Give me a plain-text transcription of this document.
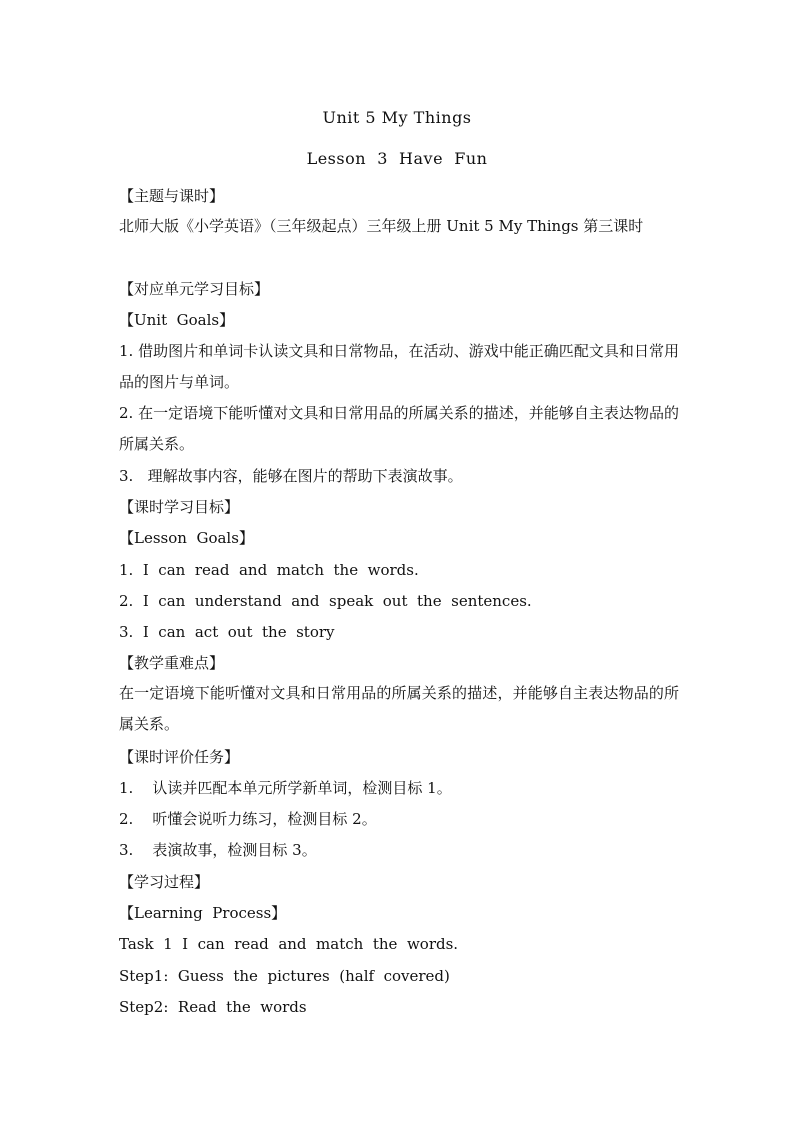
Unit 5 My Things
Lesson  3  Have  Fun
【主题与课时】
北师大版《小学英语》（三年级起点）三年级上册 Unit 5 My Things 第三课时
【对应单元学习目标】
【Unit  Goals】
1. 借助图片和单词卡认读文具和日常物品，在活动、游戏中能正确匹配文具和日常用品的图片与单词。
2. 在一定语境下能听懂对文具和日常用品的所属关系的描述，并能够自主表达物品的所属关系。
3.   理解故事内容，能够在图片的帮助下表演故事。
【课时学习目标】
【Lesson  Goals】
1.  I  can  read  and  match  the  words.
2.  I  can  understand  and  speak  out  the  sentences.
3.  I  can  act  out  the  story
【教学重难点】
在一定语境下能听懂对文具和日常用品的所属关系的描述，并能够自主表达物品的所属关系。
【课时评价任务】
1.    认读并匹配本单元所学新单词，检测目标 1。
2.    听懂会说听力练习，检测目标 2。
3.    表演故事，检测目标 3。
【学习过程】
【Learning  Process】
Task  1  I  can  read  and  match  the  words.
Step1:  Guess  the  pictures  (half  covered)
Step2:  Read  the  words
